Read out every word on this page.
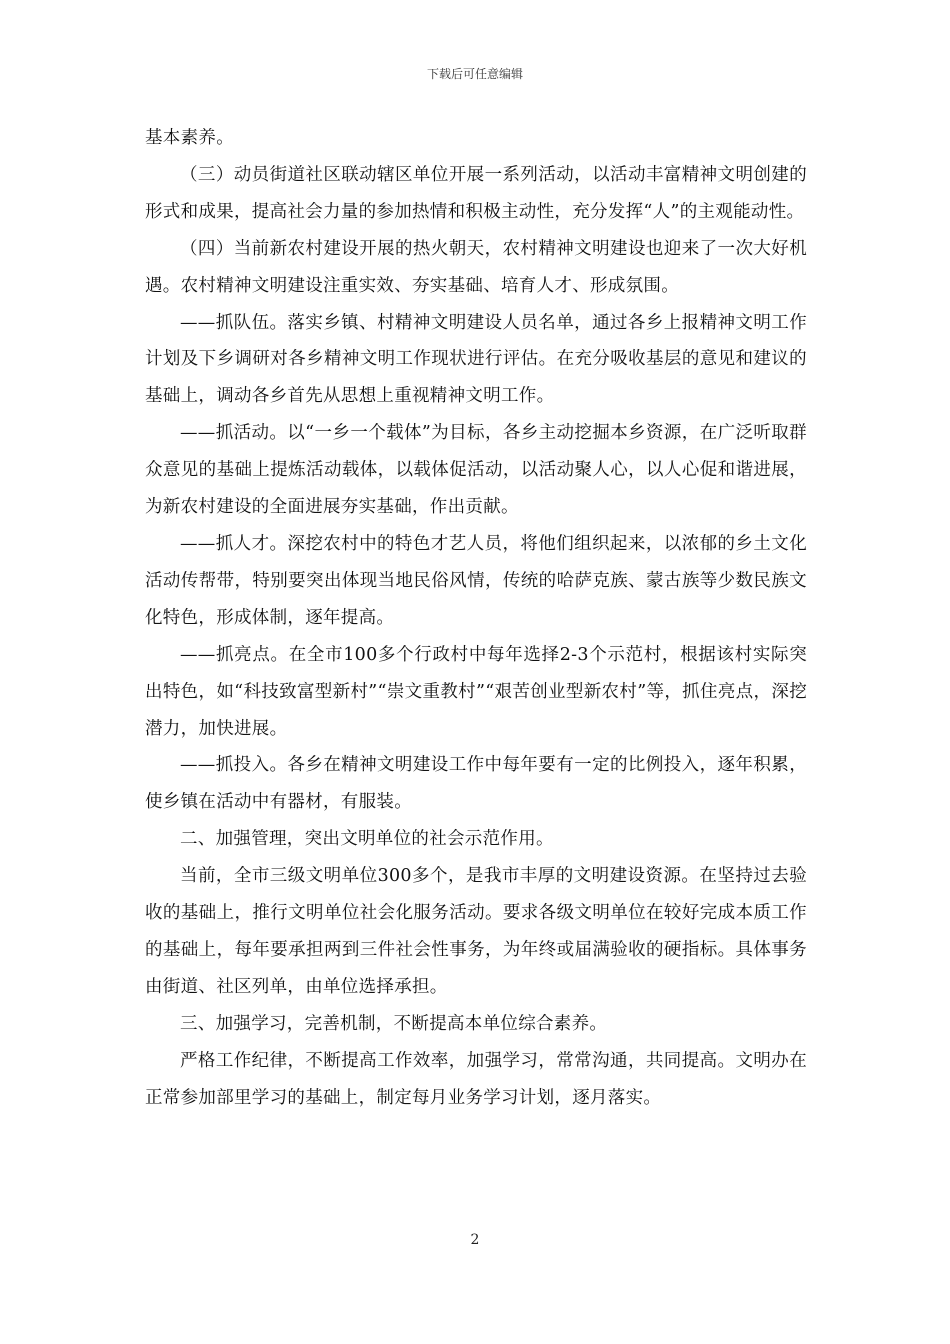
下载后可任意编辑

基本素养。

（三）动员街道社区联动辖区单位开展一系列活动，以活动丰富精神文明创建的形式和成果，提高社会力量的参加热情和积极主动性，充分发挥“人”的主观能动性。

（四）当前新农村建设开展的热火朝天，农村精神文明建设也迎来了一次大好机遇。农村精神文明建设注重实效、夯实基础、培育人才、形成氛围。

——抓队伍。落实乡镇、村精神文明建设人员名单，通过各乡上报精神文明工作计划及下乡调研对各乡精神文明工作现状进行评估。在充分吸收基层的意见和建议的基础上，调动各乡首先从思想上重视精神文明工作。

——抓活动。以“一乡一个载体”为目标，各乡主动挖掘本乡资源，在广泛听取群众意见的基础上提炼活动载体，以载体促活动，以活动聚人心，以人心促和谐进展，为新农村建设的全面进展夯实基础，作出贡献。

——抓人才。深挖农村中的特色才艺人员，将他们组织起来，以浓郁的乡土文化活动传帮带，特别要突出体现当地民俗风情，传统的哈萨克族、蒙古族等少数民族文化特色，形成体制，逐年提高。

——抓亮点。在全市100多个行政村中每年选择2-3个示范村，根据该村实际突出特色，如“科技致富型新村”“崇文重教村”“艰苦创业型新农村”等，抓住亮点，深挖潜力，加快进展。

——抓投入。各乡在精神文明建设工作中每年要有一定的比例投入，逐年积累，使乡镇在活动中有器材，有服装。

二、加强管理，突出文明单位的社会示范作用。

当前，全市三级文明单位300多个，是我市丰厚的文明建设资源。在坚持过去验收的基础上，推行文明单位社会化服务活动。要求各级文明单位在较好完成本质工作的基础上，每年要承担两到三件社会性事务，为年终或届满验收的硬指标。具体事务由街道、社区列单，由单位选择承担。

三、加强学习，完善机制，不断提高本单位综合素养。

严格工作纪律，不断提高工作效率，加强学习，常常沟通，共同提高。文明办在正常参加部里学习的基础上，制定每月业务学习计划，逐月落实。

2
